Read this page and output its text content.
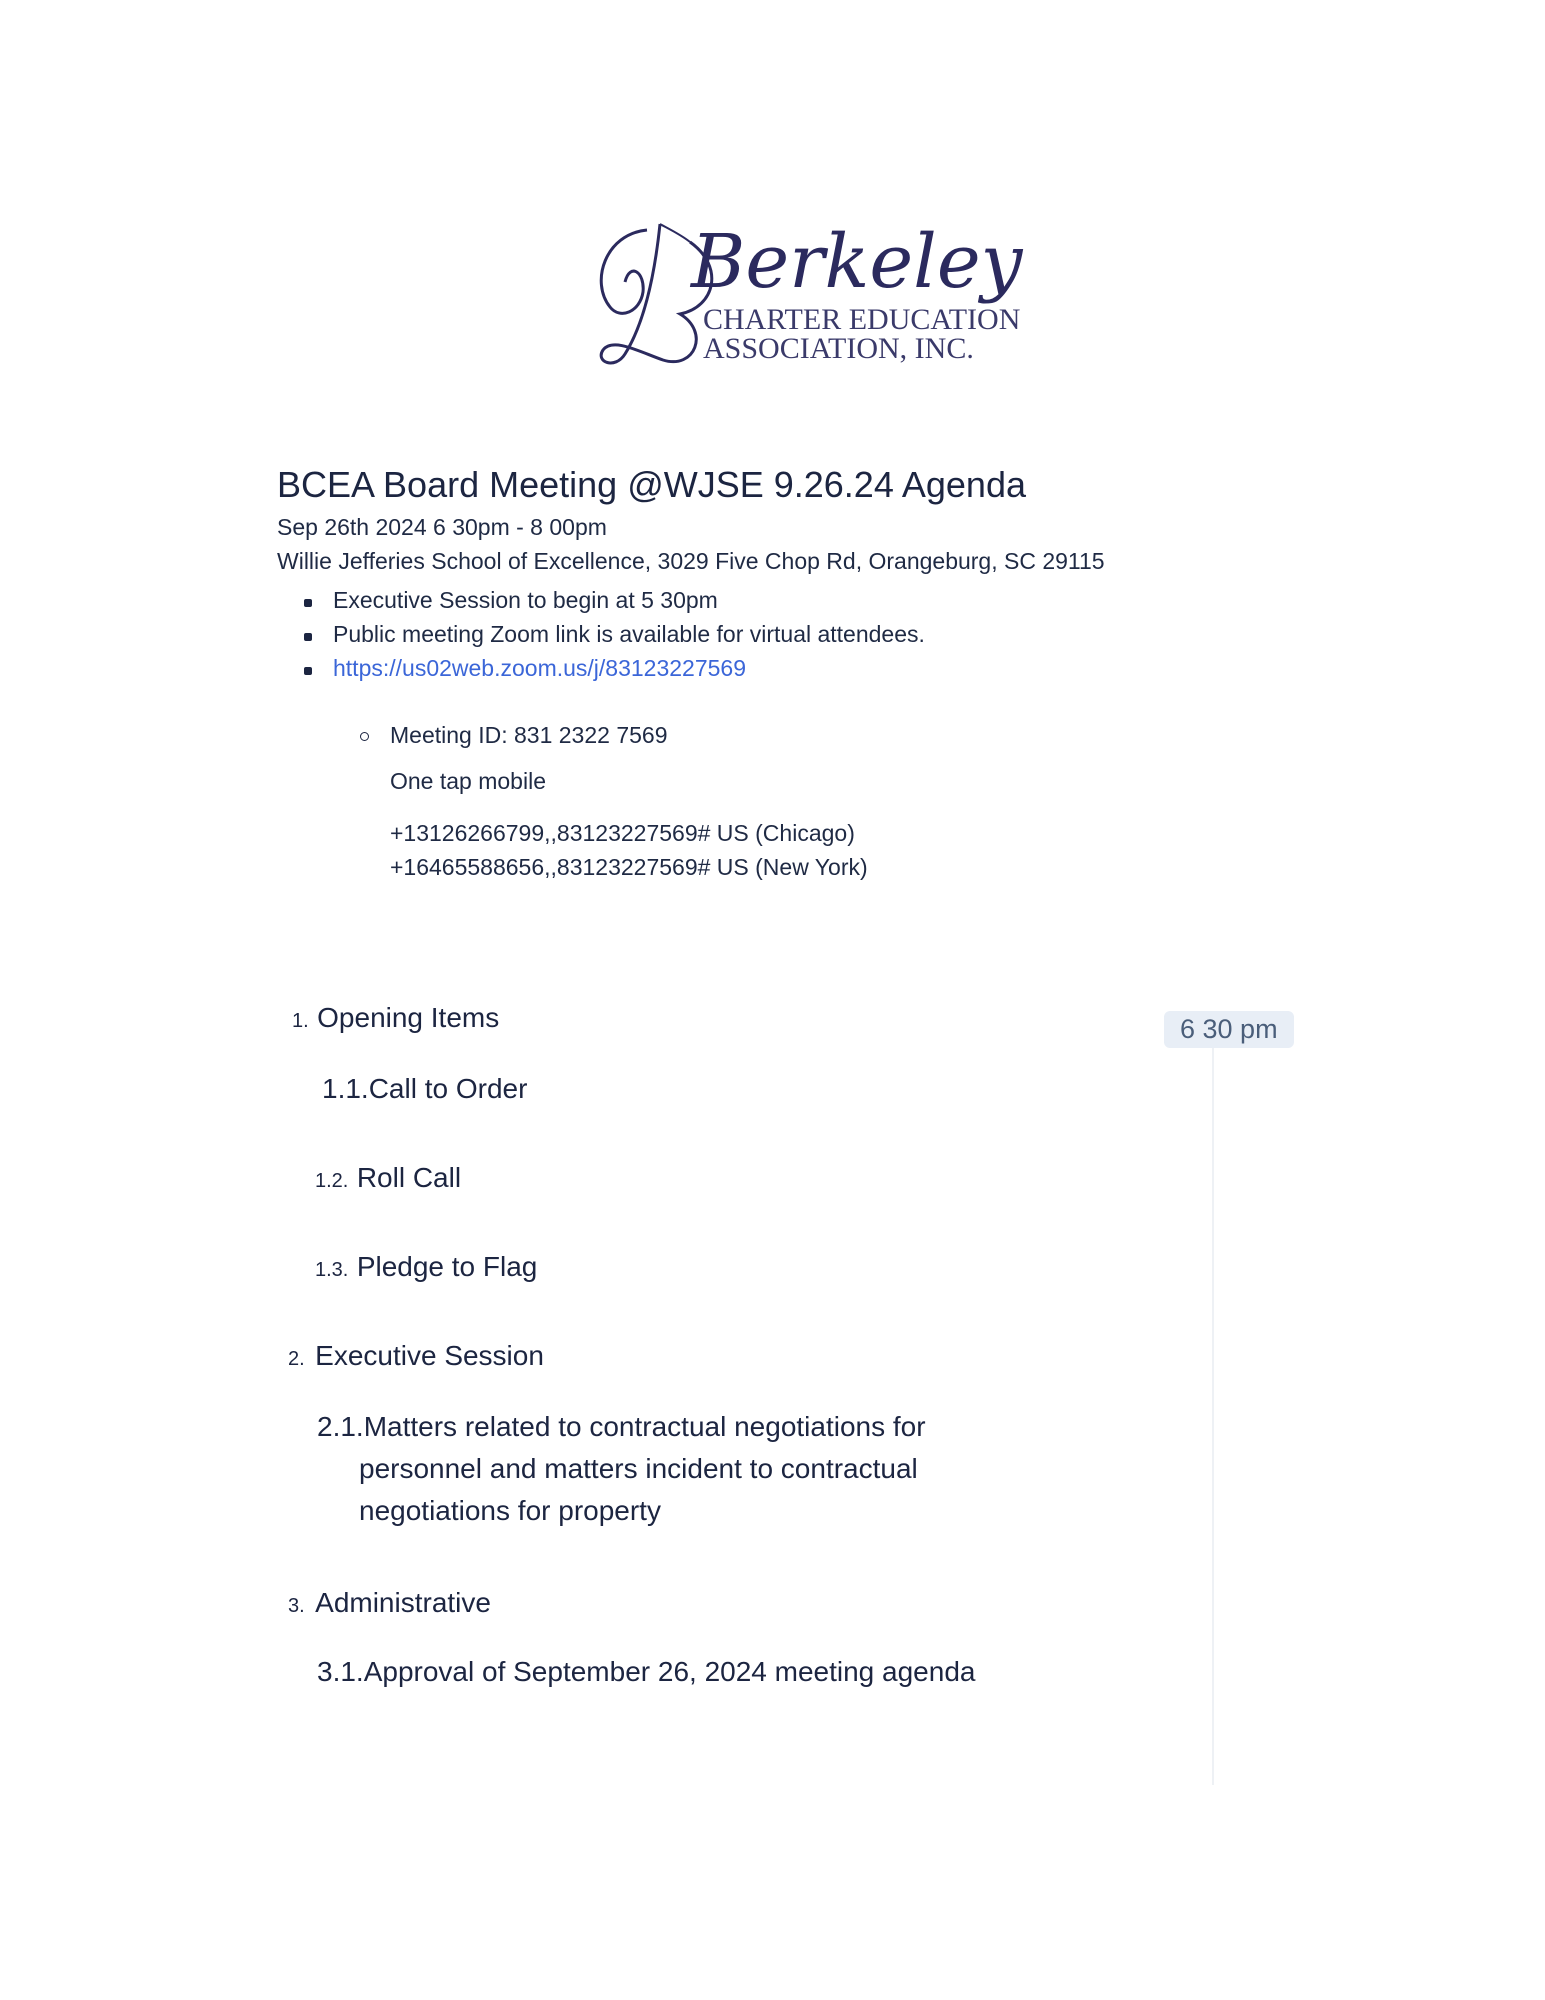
Berkeley
CHARTER EDUCATION
ASSOCIATION, INC.
BCEA Board Meeting @WJSE 9.26.24 Agenda
Sep 26th 2024 6 30pm - 8 00pm
Willie Jefferies School of Excellence, 3029 Five Chop Rd, Orangeburg, SC 29115
Executive Session to begin at 5 30pm
Public meeting Zoom link is available for virtual attendees.
https://us02web.zoom.us/j/83123227569
Meeting ID: 831 2322 7569
One tap mobile
+13126266799,,83123227569# US (Chicago)
+16465588656,,83123227569# US (New York)
1. Opening Items	6 30 pm
1.1.Call to Order
1.2. Roll Call
1.3. Pledge to Flag
2. Executive Session
2.1.Matters related to contractual negotiations for
personnel and matters incident to contractual
negotiations for property
3. Administrative
3.1.Approval of September 26, 2024 meeting agenda
